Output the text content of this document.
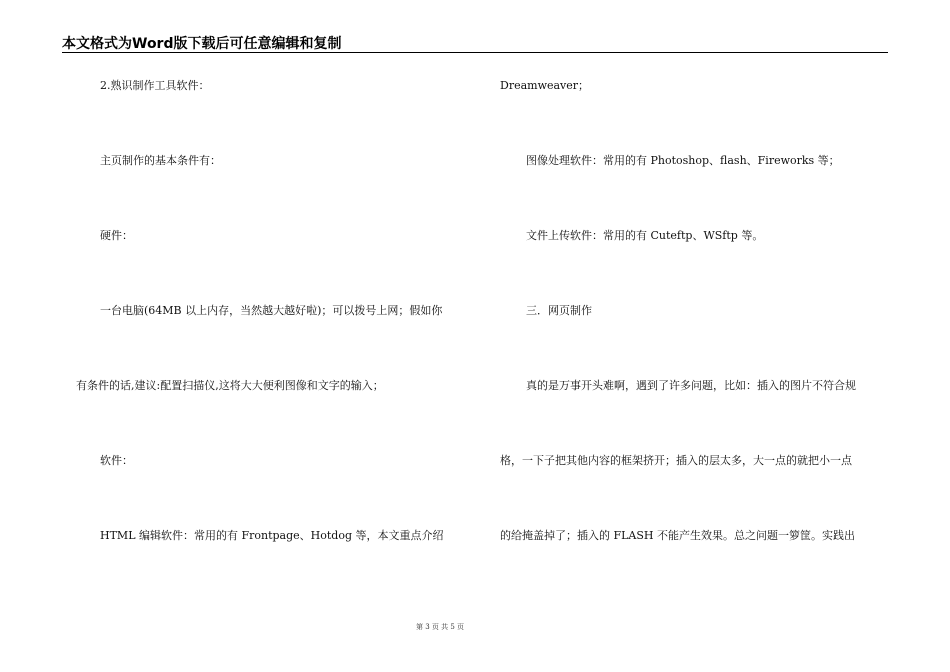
本文格式为Word版下载后可任意编辑和复制
2.熟识制作工具软件：
主页制作的基本条件有：
硬件：
一台电脑(64MB 以上内存，当然越大越好啦)；可以拨号上网；假如你
有条件的话,建议:配置扫描仪,这将大大便利图像和文字的输入；
软件：
HTML 编辑软件：常用的有 Frontpage、Hotdog 等，本文重点介绍
Dreamweaver；
图像处理软件：常用的有 Photoshop、flash、Fireworks 等；
文件上传软件：常用的有 Cuteftp、WSftp 等。
三．网页制作
真的是万事开头难啊，遇到了许多问题，比如：插入的图片不符合规
格，一下子把其他内容的框架挤开；插入的层太多，大一点的就把小一点
的给掩盖掉了；插入的 FLASH 不能产生效果。总之问题一箩筐。实践出
第 3 页 共 5 页
